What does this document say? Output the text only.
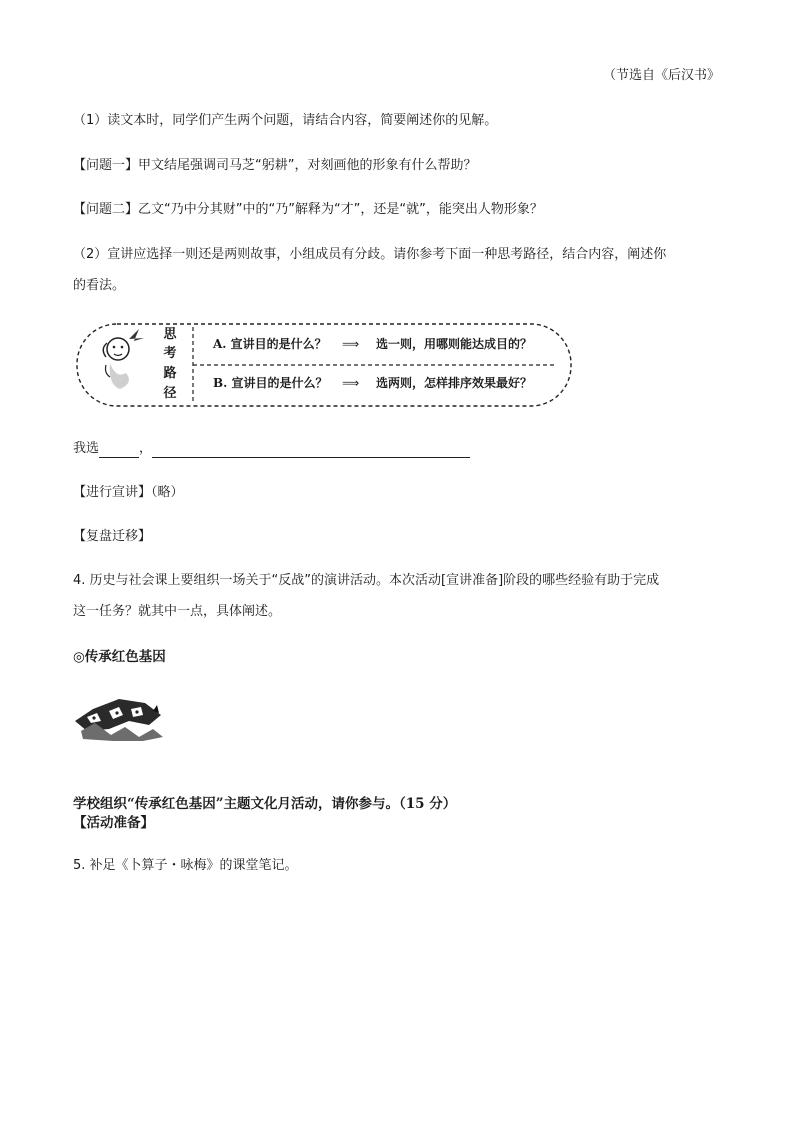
（节选自《后汉书》
（1）读文本时，同学们产生两个问题，请结合内容，简要阐述你的见解。
【问题一】甲文结尾强调司马芝“躬耕”，对刻画他的形象有什么帮助？
【问题二】乙文“乃中分其财”中的“乃”解释为“才”，还是“就”，能突出人物形象？
（2）宣讲应选择一则还是两则故事，小组成员有分歧。请你参考下面一种思考路径，结合内容，阐述你
的看法。
思
考
路
径
A. 宣讲目的是什么？ ⟹ 选一则，用哪则能达成目的？
B. 宣讲目的是什么？ ⟹ 选两则，怎样排序效果最好？
我选	，
【进行宣讲】（略）
【复盘迁移】
4. 历史与社会课上要组织一场关于“反战”的演讲活动。本次活动[宣讲准备]阶段的哪些经验有助于完成
这一任务？就其中一点，具体阐述。
◎传承红色基因
学校组织“传承红色基因”主题文化月活动，请你参与。（15 分）
【活动准备】
5. 补足《卜算子・咏梅》的课堂笔记。
